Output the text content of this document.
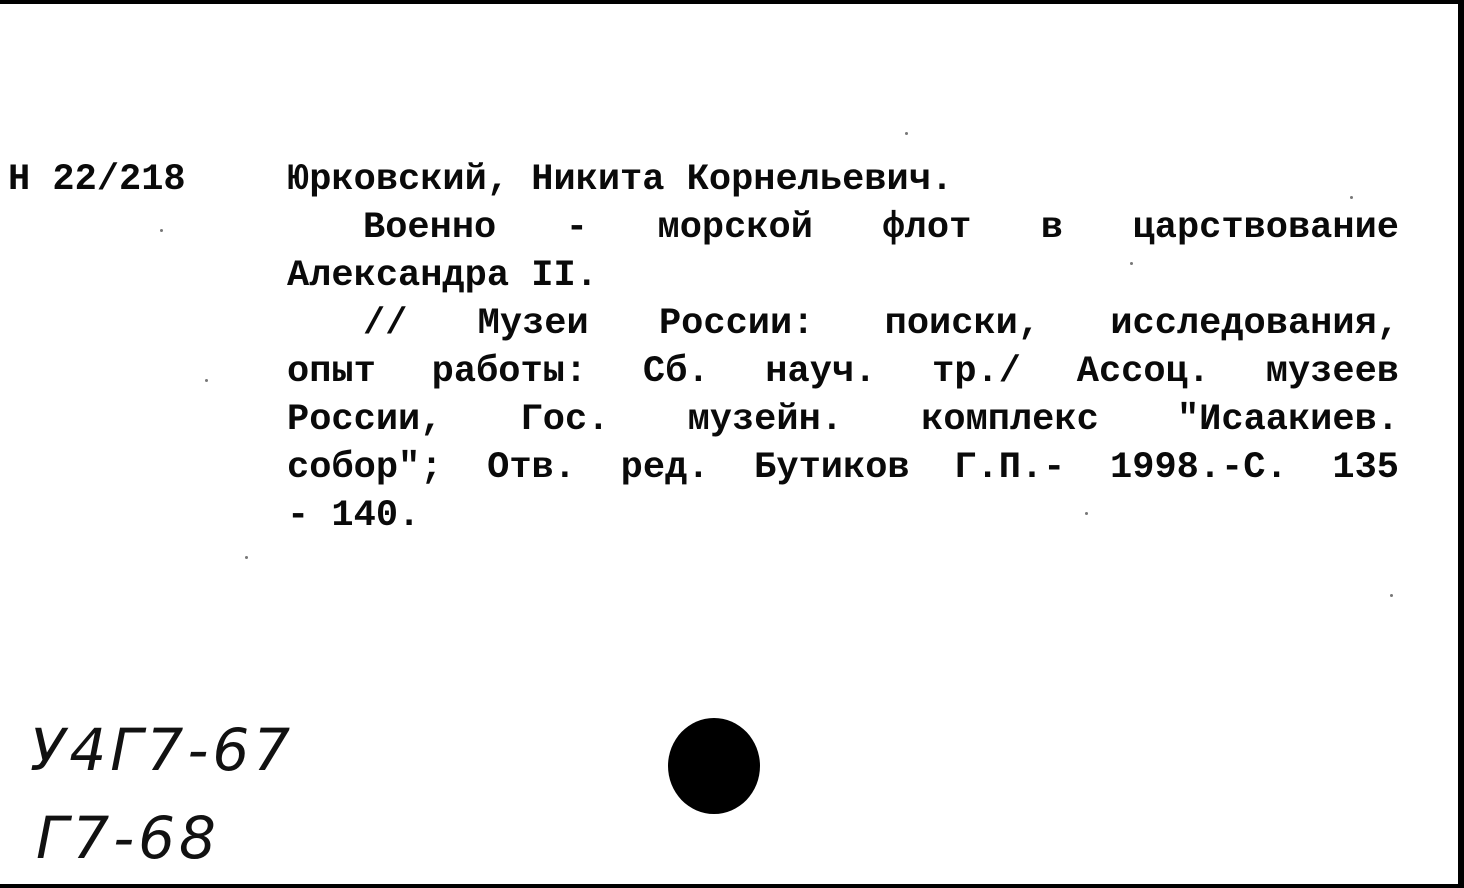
Н 22/218	Юрковский, Никита Корнельевич.
Военно - морской флот в царствование
Александра II.
// Музеи России: поиски, исследования,
опыт работы: Сб. науч. тр./ Ассоц. музеев
России, Гос. музейн. комплекс "Исаакиев.
собор"; Отв. ред. Бутиков Г.П.- 1998.-С. 135
- 140.
У4Г7-67
Г7-68
